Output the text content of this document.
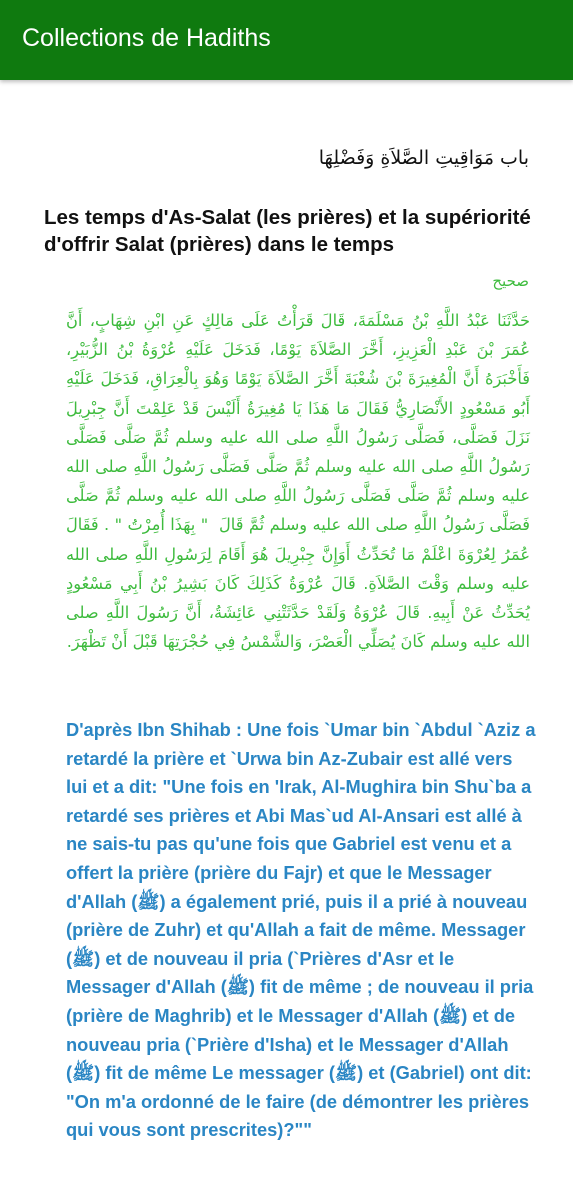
Collections de Hadiths
باب مَوَاقِيتِ الصَّلاَةِ وَفَضْلِهَا
Les temps d'As-Salat (les prières) et la supériorité d'offrir Salat (prières) dans le temps
صحيح
حَدَّثَنَا عَبْدُ اللَّهِ بْنُ مَسْلَمَةَ، قَالَ قَرَأْتُ عَلَى مَالِكٍ عَنِ ابْنِ شِهَابٍ، أَنَّ عُمَرَ بْنَ عَبْدِ الْعَزِيزِ، أَخَّرَ الصَّلاَةَ يَوْمًا، فَدَخَلَ عَلَيْهِ عُرْوَةُ بْنُ الزُّبَيْرِ، فَأَخْبَرَهُ أَنَّ الْمُغِيرَةَ بْنَ شُعْبَةَ أَخَّرَ الصَّلاَةَ يَوْمًا وَهُوَ بِالْعِرَاقِ، فَدَخَلَ عَلَيْهِ أَبُو مَسْعُودٍ الأَنْصَارِيُّ فَقَالَ مَا هَذَا يَا مُغِيرَةُ أَلَيْسَ قَدْ عَلِمْتَ أَنَّ جِبْرِيلَ نَزَلَ فَصَلَّى، فَصَلَّى رَسُولُ اللَّهِ صلى الله عليه وسلم ثُمَّ صَلَّى فَصَلَّى رَسُولُ اللَّهِ صلى الله عليه وسلم ثُمَّ صَلَّى فَصَلَّى رَسُولُ اللَّهِ صلى الله عليه وسلم ثُمَّ صَلَّى فَصَلَّى رَسُولُ اللَّهِ صلى الله عليه وسلم ثُمَّ صَلَّى فَصَلَّى رَسُولُ اللَّهِ صلى الله عليه وسلم ثُمَّ قَالَ ‏ "‏ بِهَذَا أُمِرْتُ ‏"‏ ‏.‏ فَقَالَ عُمَرُ لِعُرْوَةَ اعْلَمْ مَا تُحَدِّثُ أَوَإِنَّ جِبْرِيلَ هُوَ أَقَامَ لِرَسُولِ اللَّهِ صلى الله عليه وسلم وَقْتَ الصَّلاَةِ‏.‏ قَالَ عُرْوَةُ كَذَلِكَ كَانَ بَشِيرُ بْنُ أَبِي مَسْعُودٍ يُحَدِّثُ عَنْ أَبِيهِ‏.‏ قَالَ عُرْوَةُ وَلَقَدْ حَدَّثَتْنِي عَائِشَةُ، أَنَّ رَسُولَ اللَّهِ صلى الله عليه وسلم كَانَ يُصَلِّي الْعَصْرَ، وَالشَّمْسُ فِي حُجْرَتِهَا قَبْلَ أَنْ تَظْهَرَ‏.‏
D'après Ibn Shihab : Une fois `Umar bin `Abdul `Aziz a retardé la prière et `Urwa bin Az-Zubair est allé vers lui et a dit: "Une fois en 'Irak, Al-Mughira bin Shu`ba a retardé ses prières et Abi Mas`ud Al-Ansari est allé à ne sais-tu pas qu'une fois que Gabriel est venu et a offert la prière (prière du Fajr) et que le Messager d'Allah (ﷺ) a également prié, puis il a prié à nouveau (prière de Zuhr) et qu'Allah a fait de même. Messager (ﷺ) et de nouveau il pria (`Prières d'Asr et le Messager d'Allah (ﷺ) fit de même ; de nouveau il pria (prière de Maghrib) et le Messager d'Allah (ﷺ) et de nouveau pria (`Prière d'Isha) et le Messager d'Allah (ﷺ) fit de même Le messager (ﷺ) et (Gabriel) ont dit: "On m'a ordonné de le faire (de démontrer les prières qui vous sont prescrites)?""
